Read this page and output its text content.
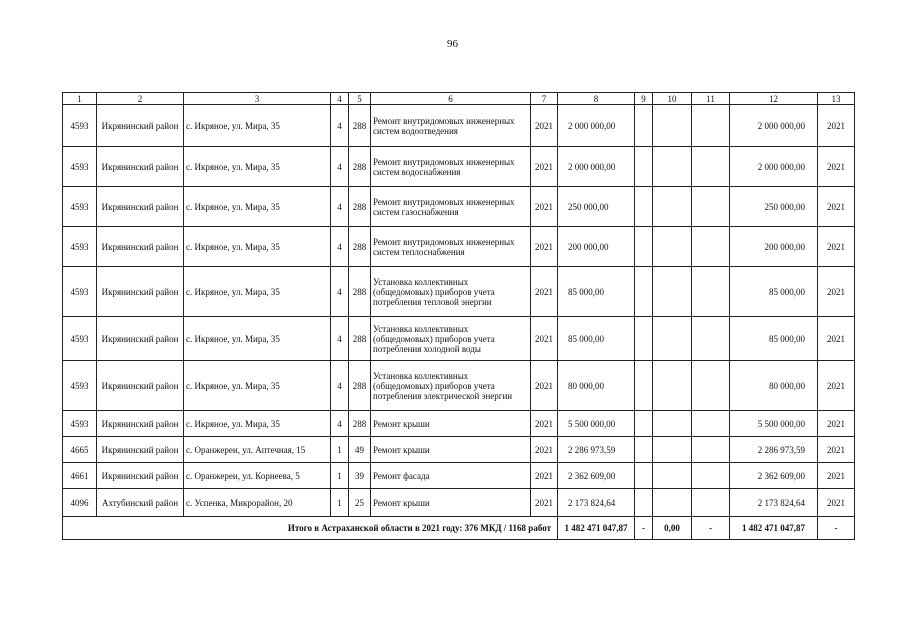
96
1	2	3	4	5	6	7	8	9	10	11	12	13
4593	Икрянинский район	с. Икряное, ул. Мира, 35	4	288	Ремонт внутридомовых инженерных систем водоотведения	2021	2 000 000,00				2 000 000,00	2021
4593	Икрянинский район	с. Икряное, ул. Мира, 35	4	288	Ремонт внутридомовых инженерных систем водоснабжения	2021	2 000 000,00				2 000 000,00	2021
4593	Икрянинский район	с. Икряное, ул. Мира, 35	4	288	Ремонт внутридомовых инженерных систем газоснабжения	2021	250 000,00				250 000,00	2021
4593	Икрянинский район	с. Икряное, ул. Мира, 35	4	288	Ремонт внутридомовых инженерных систем теплоснабжения	2021	200 000,00				200 000,00	2021
4593	Икрянинский район	с. Икряное, ул. Мира, 35	4	288	Установка коллективных (общедомовых) приборов учета потребления тепловой энергии	2021	85 000,00				85 000,00	2021
4593	Икрянинский район	с. Икряное, ул. Мира, 35	4	288	Установка коллективных (общедомовых) приборов учета потребления холодной воды	2021	85 000,00				85 000,00	2021
4593	Икрянинский район	с. Икряное, ул. Мира, 35	4	288	Установка коллективных (общедомовых) приборов учета потребления электрической энергии	2021	80 000,00				80 000,00	2021
4593	Икрянинский район	с. Икряное, ул. Мира, 35	4	288	Ремонт крыши	2021	5 500 000,00				5 500 000,00	2021
4665	Икрянинский район	с. Оранжереи, ул. Аптечная, 15	1	49	Ремонт крыши	2021	2 286 973,59				2 286 973,59	2021
4661	Икрянинский район	с. Оранжереи, ул. Корнеева, 5	1	39	Ремонт фасада	2021	2 362 609,00				2 362 609,00	2021
4096	Ахтубинский район	с. Успенка, Микрорайон, 20	1	25	Ремонт крыши	2021	2 173 824,64				2 173 824,64	2021
Итого в Астраханской области в 2021 году: 376 МКД / 1168 работ							1 482 471 047,87	-	0,00	-	1 482 471 047,87	-
